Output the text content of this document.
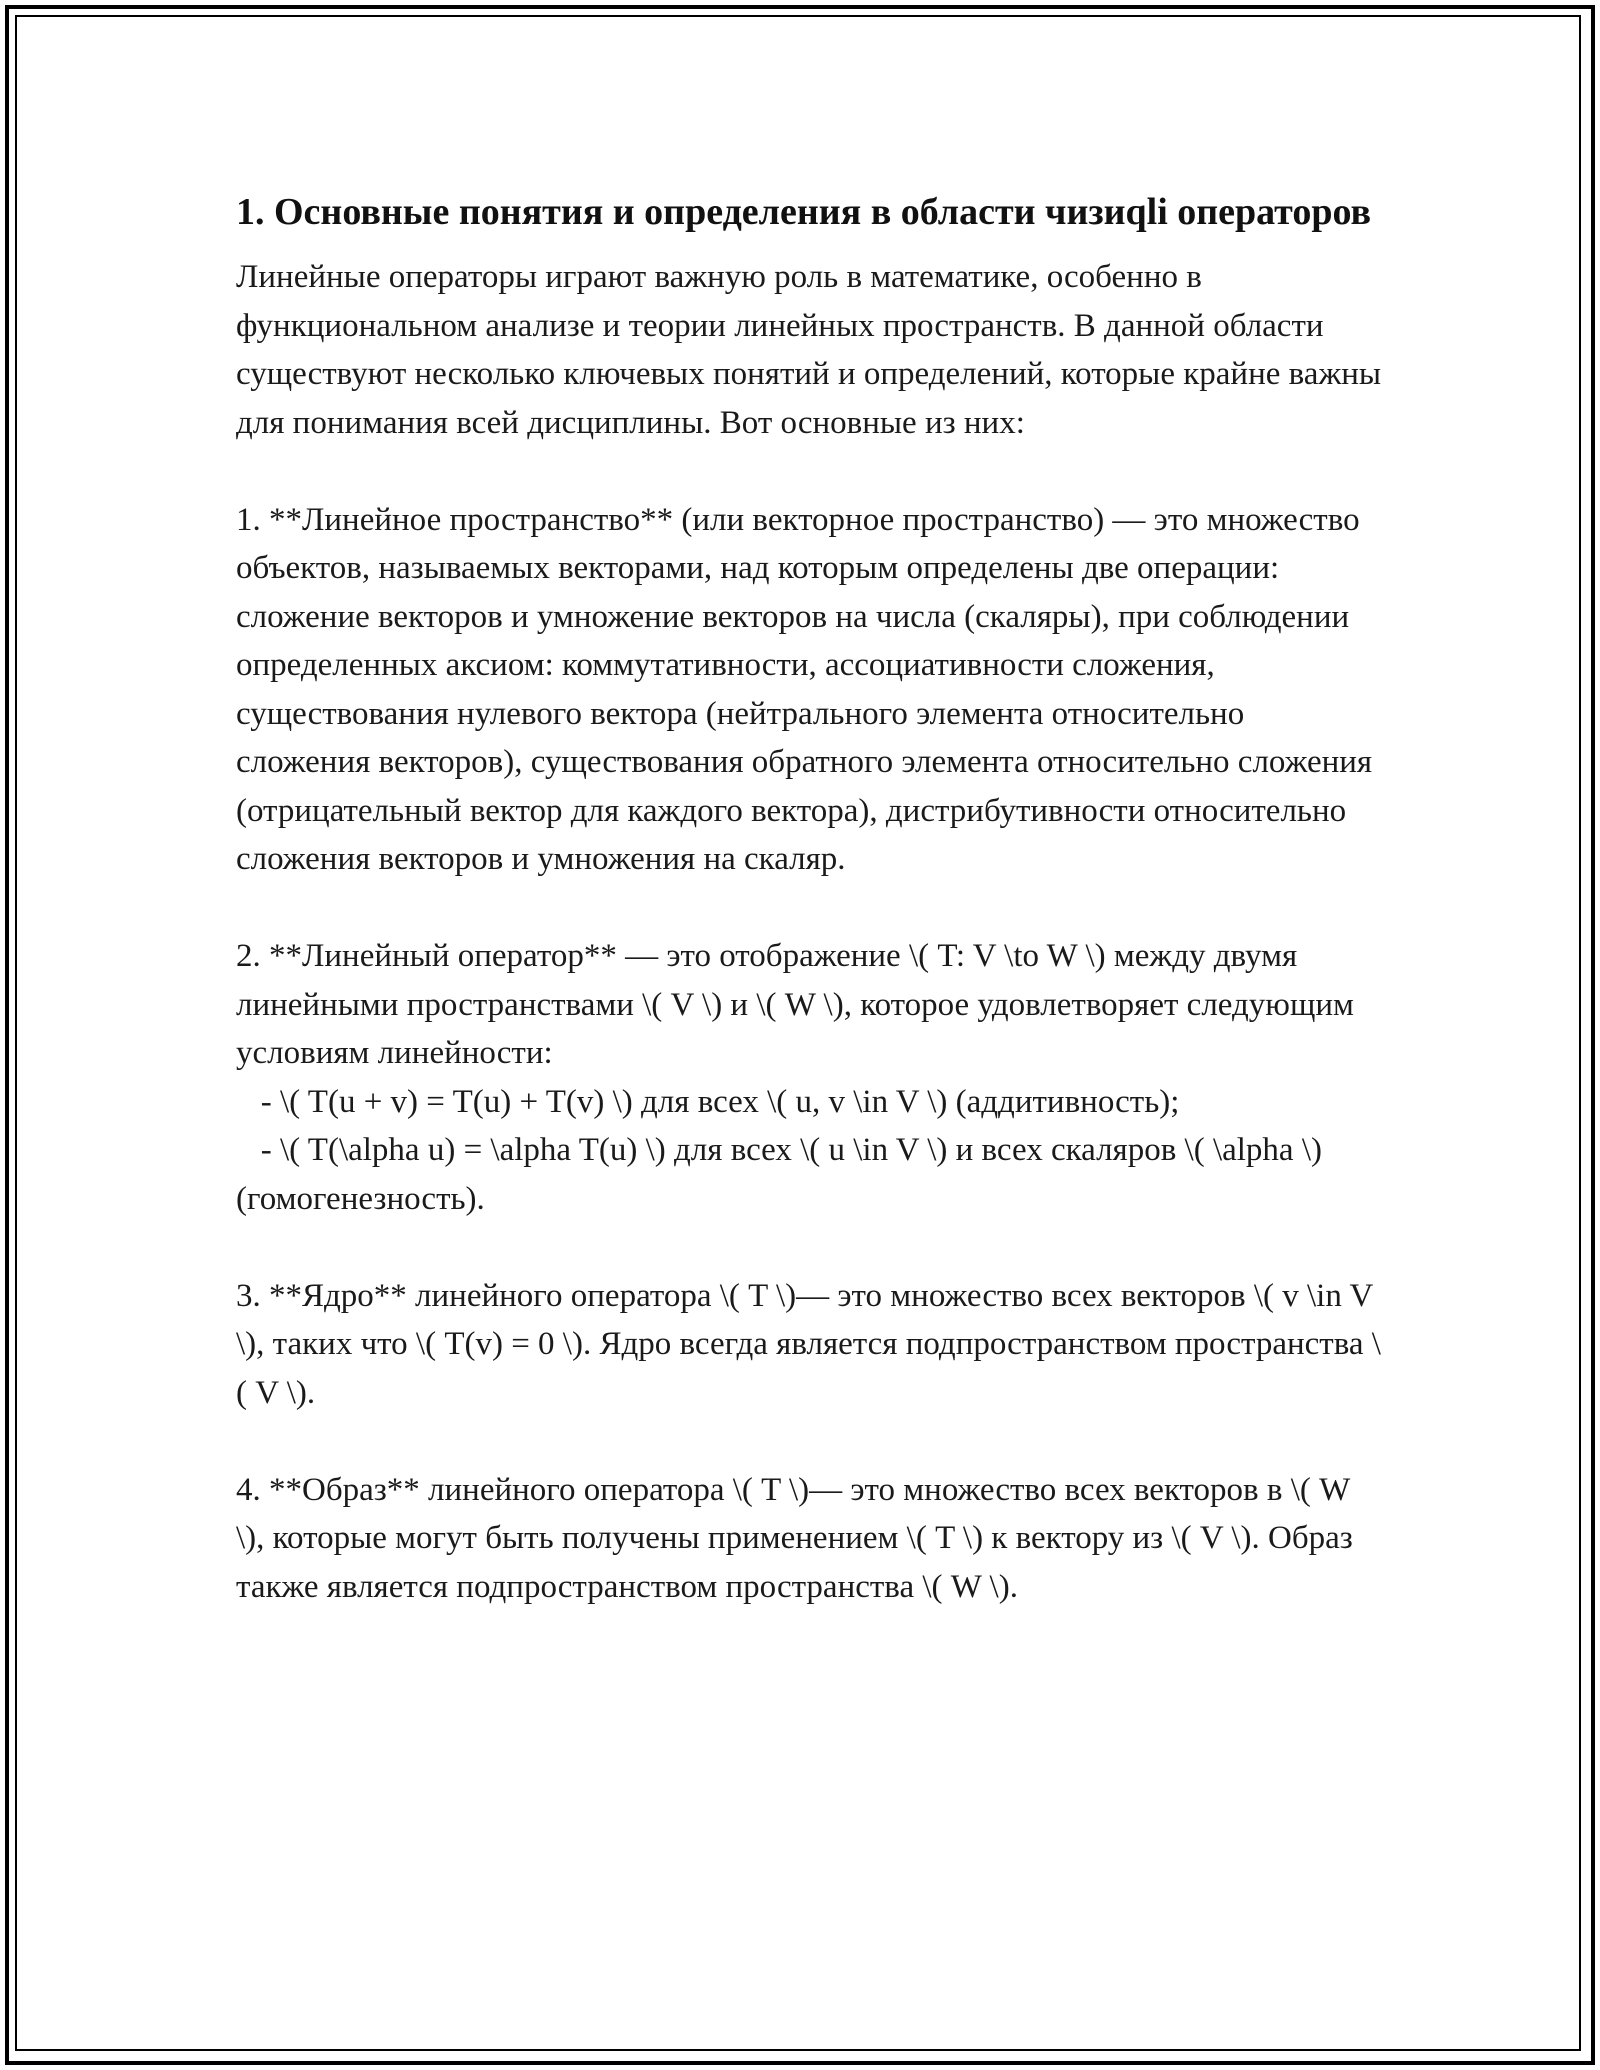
1. Основные понятия и определения в области чизиqli операторов

Линейные операторы играют важную роль в математике, особенно в функциональном анализе и теории линейных пространств. В данной области существуют несколько ключевых понятий и определений, которые крайне важны для понимания всей дисциплины. Вот основные из них:

1. **Линейное пространство** (или векторное пространство) — это множество объектов, называемых векторами, над которым определены две операции: сложение векторов и умножение векторов на числа (скаляры), при соблюдении определенных аксиом: коммутативности, ассоциативности сложения, существования нулевого вектора (нейтрального элемента относительно сложения векторов), существования обратного элемента относительно сложения (отрицательный вектор для каждого вектора), дистрибутивности относительно сложения векторов и умножения на скаляр.

2. **Линейный оператор** — это отображение \( T: V \to W \) между двумя линейными пространствами \( V \) и \( W \), которое удовлетворяет следующим условиям линейности:

- \( T(u + v) = T(u) + T(v) \) для всех \( u, v \in V \) (аддитивность);

- \( T(\alpha u) = \alpha T(u) \) для всех \( u \in V \) и всех скаляров \( \alpha \) (гомогенезность).

3. **Ядро** линейного оператора \( T \)— это множество всех векторов \( v \in V \), таких что \( T(v) = 0 \). Ядро всегда является подпространством пространства \( V \).

4. **Образ** линейного оператора \( T \)— это множество всех векторов в \( W \), которые могут быть получены применением \( T \) к вектору из \( V \). Образ также является подпространством пространства \( W \).
